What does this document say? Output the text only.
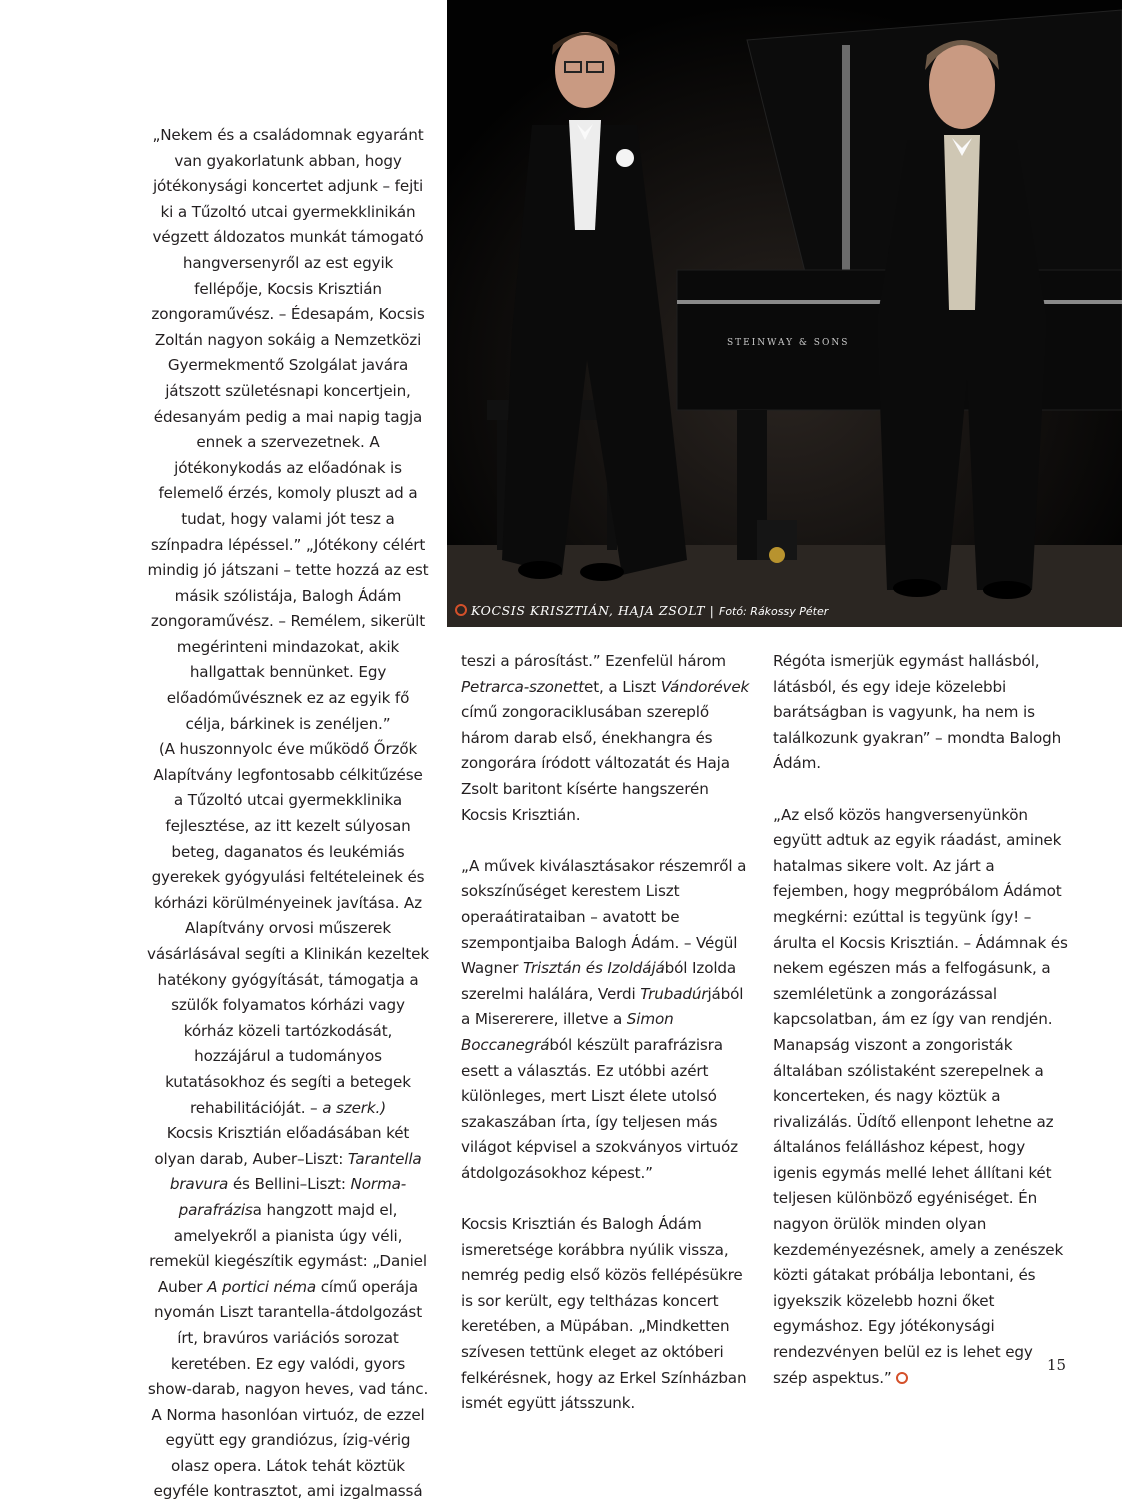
„Nekem és a családomnak egyaránt van gyakorlatunk abban, hogy jótékonysági koncertet adjunk – fejti ki a Tűzoltó utcai gyermekklinikán végzett áldozatos munkát támogató hangversenyről az est egyik fellépője, Kocsis Krisztián zongoraművész. – Édesapám, Kocsis Zoltán nagyon sokáig a Nemzetközi Gyermekmentő Szolgálat javára játszott születésnapi koncertjein, édesanyám pedig a mai napig tagja ennek a szervezetnek. A jótékonykodás az előadónak is felemelő érzés, komoly pluszt ad a tudat, hogy valami jót tesz a színpadra lépéssel.” „Jótékony célért mindig jó játszani – tette hozzá az est másik szólistája, Balogh Ádám zongoraművész. – Remélem, sikerült megérinteni mindazokat, akik hallgattak bennünket. Egy előadóművésznek ez az egyik fő célja, bárkinek is zenéljen.”

(A huszonnyolc éve működő Őrzők Alapítvány legfontosabb célkitűzése a Tűzoltó utcai gyermekklinika fejlesztése, az itt kezelt súlyosan beteg, daganatos és leukémiás gyerekek gyógyulási feltételeinek és kórházi körülményeinek javítása. Az Alapítvány orvosi műszerek vásárlásával segíti a Klinikán kezeltek hatékony gyógyítását, támogatja a szülők folyamatos kórházi vagy kórház közeli tartózkodását, hozzájárul a tudományos kutatásokhoz és segíti a betegek rehabilitációját. – a szerk.)

Kocsis Krisztián előadásában két olyan darab, Auber–Liszt: Tarantella bravura és Bellini–Liszt: Norma-parafrázisa hangzott majd el, amelyekről a pianista úgy véli, remekül kiegészítik egymást: „Daniel Auber A portici néma című operája nyomán Liszt tarantella-átdolgozást írt, bravúros variációs sorozat keretében. Ez egy valódi, gyors show-darab, nagyon heves, vad tánc. A Norma hasonlóan virtuóz, de ezzel együtt egy grandiózus, ízig-vérig olasz opera. Látok tehát köztük egyféle kontrasztot, ami izgalmassá

STEINWAY & SONS
KOCSIS KRISZTIÁN, HAJA ZSOLT | Fotó: Rákossy Péter

teszi a párosítást.” Ezenfelül három Petrarca-szonettet, a Liszt Vándorévek című zongoraciklusában szereplő három darab első, énekhangra és zongorára íródott változatát és Haja Zsolt baritont kísérte hangszerén Kocsis Krisztián.

„A művek kiválasztásakor részemről a sokszínűséget kerestem Liszt operaátirataiban – avatott be szempontjaiba Balogh Ádám. – Végül Wagner Trisztán és Izoldájából Izolda szerelmi halálára, Verdi Trubadúrjából a Misererere, illetve a Simon Boccanegrából készült parafrázisra esett a választás. Ez utóbbi azért különleges, mert Liszt élete utolsó szakaszában írta, így teljesen más világot képvisel a szokványos virtuóz átdolgozásokhoz képest.”

Kocsis Krisztián és Balogh Ádám ismeretsége korábbra nyúlik vissza, nemrég pedig első közös fellépésükre is sor került, egy teltházas koncert keretében, a Müpában. „Mindketten szívesen tettünk eleget az októberi felkérésnek, hogy az Erkel Színházban ismét együtt játsszunk.

Régóta ismerjük egymást hallásból, látásból, és egy ideje közelebbi barátságban is vagyunk, ha nem is találkozunk gyakran” – mondta Balogh Ádám.

„Az első közös hangversenyünkön együtt adtuk az egyik ráadást, aminek hatalmas sikere volt. Az járt a fejemben, hogy megpróbálom Ádámot megkérni: ezúttal is tegyünk így! – árulta el Kocsis Krisztián. – Ádámnak és nekem egészen más a felfogásunk, a szemléletünk a zongorázással kapcsolatban, ám ez így van rendjén. Manapság viszont a zongoristák általában szólistaként szerepelnek a koncerteken, és nagy köztük a rivalizálás. Üdítő ellenpont lehetne az általános felálláshoz képest, hogy igenis egymás mellé lehet állítani két teljesen különböző egyéniséget. Én nagyon örülök minden olyan kezdeményezésnek, amely a zenészek közti gátakat próbálja lebontani, és igyekszik közelebb hozni őket egymáshoz. Egy jótékonysági rendezvényen belül ez is lehet egy szép aspektus.”

15
